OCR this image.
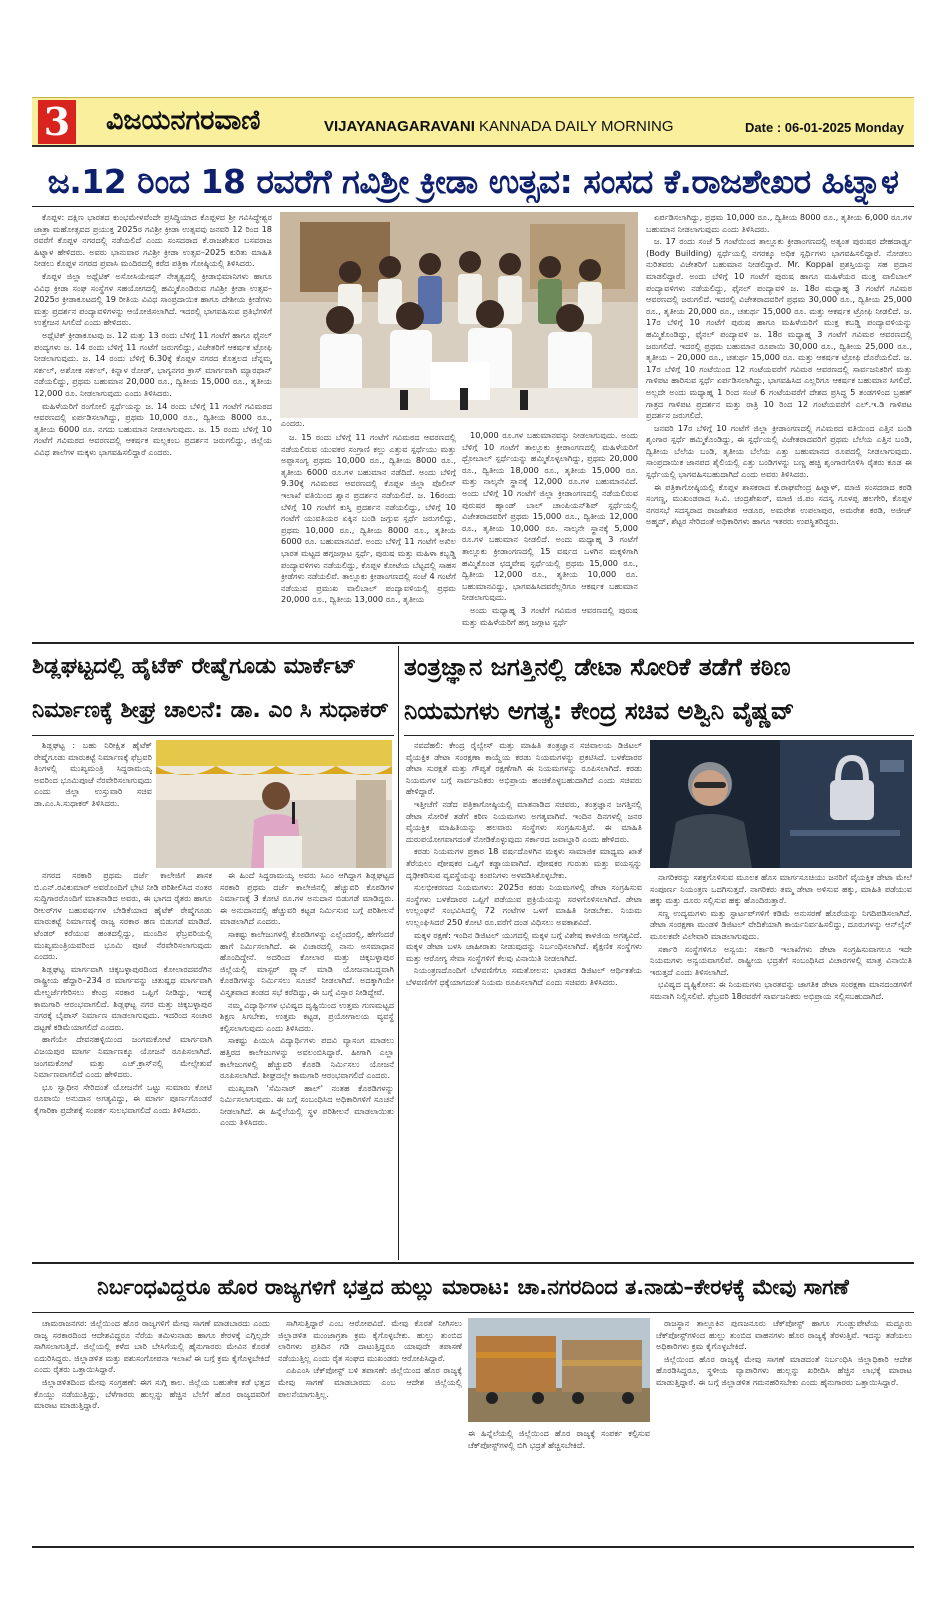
3 ವಿಜಯನಗರವಾಣಿ	VIJAYANAGARAVANI KANNADA DAILY MORNING	Date : 06-01-2025 Monday
ಜ.12 ರಿಂದ 18 ರವರೆಗೆ ಗವಿಶ್ರೀ ಕ್ರೀಡಾ ಉತ್ಸವ: ಸಂಸದ ಕೆ.ರಾಜಶೇಖರ ಹಿಟ್ನಾಳ

ಕೊಪ್ಪಳ: ದಕ್ಷಿಣ ಭಾರತದ ಕುಂಭಮೇಳವೆಂದೇ ಪ್ರಸಿದ್ಧಿಯಾದ ಕೊಪ್ಪಳದ ಶ್ರೀ ಗವಿಸಿದ್ಧೇಶ್ವರ ಜಾತ್ರಾ ಮಹೋತ್ಸವದ ಪ್ರಯುಕ್ತ 2025ರ ಗವಿಶ್ರೀ ಕ್ರೀಡಾ ಉತ್ಸವವು ಜನವರಿ 12 ರಿಂದ 18 ರವರೆಗೆ ಕೊಪ್ಪಳ ನಗರದಲ್ಲಿ ನಡೆಯಲಿದೆ ಎಂದು ಸಂಸದರಾದ ಕೆ.ರಾಜಶೇಖರ ಬಸವರಾಜ ಹಿಟ್ನಾಳ ಹೇಳಿದರು. ಅವರು ಭಾನುವಾರ ಗವಿಶ್ರೀ ಕ್ರೀಡಾ ಉತ್ಸವ–2025 ಕುರಿತು ಮಾಹಿತಿ ನೀಡಲು ಕೊಪ್ಪಳ ನಗರದ ಪ್ರವಾಸಿ ಮಂದಿರದಲ್ಲಿ ಕರೆದ ಪತ್ರಿಕಾ ಗೋಷ್ಠಿಯಲ್ಲಿ ತಿಳಿಸಿದರು.

ಕೊಪ್ಪಳ ಜಿಲ್ಲಾ ಅಥ್ಲೆಟಿಕ್ ಅಸೋಸಿಯೇಷನ್ ನೇತೃತ್ವದಲ್ಲಿ ಕ್ರೀಡಾಭಿಮಾನಿಗಳು ಹಾಗೂ ವಿವಿಧ ಕ್ರೀಡಾ ಸಂಘ ಸಂಸ್ಥೆಗಳ ಸಹಯೋಗದಲ್ಲಿ ಹಮ್ಮಿಕೊಂಡಿರುವ ಗವಿಶ್ರೀ ಕ್ರೀಡಾ ಉತ್ಸವ–2025ರ ಕ್ರೀಡಾಕೂಟದಲ್ಲಿ 19 ರೀತಿಯ ವಿವಿಧ ಸಾಂಪ್ರದಾಯಿಕ ಹಾಗೂ ದೇಶೀಯ ಕ್ರೀಡೆಗಳು ಮತ್ತು ಪ್ರದರ್ಶನ ಪಂದ್ಯಾವಳಿಗಳನ್ನು ಆಯೋಜಿಸಲಾಗಿದೆ. ಇದರಲ್ಲಿ ಭಾಗವಹಿಸುವ ಪ್ರತಿಭೆಗಳಿಗೆ ಉತ್ತೇಜನ ಸಿಗಲಿದೆ ಎಂದು ಹೇಳಿದರು.

ಅಥ್ಲೆಟಿಕ್ ಕ್ರೀಡಾಕೂಟವು ಜ. 12 ಮತ್ತು 13 ರಂದು ಬೆಳಿಗ್ಗೆ 11 ಗಂಟೆಗೆ ಹಾಗೂ ಫೈನಲ್ ಪಂದ್ಯಗಳು ಜ. 14 ರಂದು ಬೆಳಿಗ್ಗೆ 11 ಗಂಟೆಗೆ ಜರುಗಲಿದ್ದು, ವಿಜೇತರಿಗೆ ಆಕರ್ಷಕ ಟ್ರೋಫಿ ನೀಡಲಾಗುವುದು. ಜ. 14 ರಂದು ಬೆಳಿಗ್ಗೆ 6.30ಕ್ಕೆ ಕೊಪ್ಪಳ ನಗರದ ಕೊತ್ತಲದ ಚೆನ್ನಮ್ಮ ಸರ್ಕಲ್, ಅಶೋಕ ಸರ್ಕಲ್, ಕಿನ್ನಾಳ ರೋಡ್, ಭಾಗ್ಯನಗರ ಕ್ರಾಸ್ ಮಾರ್ಗವಾಗಿ ಮ್ಯಾರಥಾನ್ ನಡೆಯಲಿದ್ದು, ಪ್ರಥಮ ಬಹುಮಾನ 20,000 ರೂ., ದ್ವಿತೀಯ 15,000 ರೂ., ತೃತೀಯ 12,000 ರೂ. ನೀಡಲಾಗುವುದು ಎಂದು ತಿಳಿಸಿದರು.

ಮಹಿಳೆಯರಿಗೆ ರಂಗೋಲಿ ಸ್ಪರ್ಧೆಯನ್ನು ಜ. 14 ರಂದು ಬೆಳಿಗ್ಗೆ 11 ಗಂಟೆಗೆ ಗವಿಮಠದ ಆವರಣದಲ್ಲಿ ಏರ್ಪಡಿಸಲಾಗಿದ್ದು, ಪ್ರಥಮ 10,000 ರೂ., ದ್ವಿತೀಯ 8000 ರೂ., ತೃತೀಯ 6000 ರೂ. ನಗದು ಬಹುಮಾನ ನೀಡಲಾಗುವುದು. ಜ. 15 ರಂದು ಬೆಳಿಗ್ಗೆ 10 ಗಂಟೆಗೆ ಗವಿಮಠದ ಆವರಣದಲ್ಲಿ ಆಕರ್ಷಕ ಮಲ್ಲಕಂಬ ಪ್ರದರ್ಶನ ಜರುಗಲಿದ್ದು, ಜಿಲ್ಲೆಯ ವಿವಿಧ ಶಾಲೆಗಳ ಮಕ್ಕಳು ಭಾಗವಹಿಸಲಿದ್ದಾರೆ ಎಂದರು.

ಎಂದರು.

ಜ. 15 ರಂದು ಬೆಳಿಗ್ಗೆ 11 ಗಂಟೆಗೆ ಗವಿಮಠದ ಆವರಣದಲ್ಲಿ ನಡೆಯಲಿರುವ ಯುವಕರ ಸಂಗ್ರಾಣಿ ಕಲ್ಲು ಎತ್ತುವ ಸ್ಪರ್ಧೆಯು ಮತ್ತು ಅಪ್ಪಾಸಂಗ್ಯ ಪ್ರಥಮ 10,000 ರೂ., ದ್ವಿತೀಯ 8000 ರೂ., ತೃತೀಯ 6000 ರೂ.ಗಳ ಬಹುಮಾನ ನಡೆದಿದೆ. ಅಂದು ಬೆಳಿಗ್ಗೆ 9.30ಕ್ಕೆ ಗವಿಮಠದ ಆವರಣದಲ್ಲಿ ಕೊಪ್ಪಳ ಜಿಲ್ಲಾ ಪೊಲೀಸ್ ಇಲಾಖೆ ವತಿಯಿಂದ ಶ್ವಾನ ಪ್ರದರ್ಶನ ನಡೆಯಲಿದೆ. ಜ. 16ರಂದು ಬೆಳಿಗ್ಗೆ 10 ಗಂಟೆಗೆ ಕುಸ್ತಿ ಪ್ರದರ್ಶನ ನಡೆಯಲಿದ್ದು, ಬೆಳಿಗ್ಗೆ 10 ಗಂಟೆಗೆ ಯುವತಿಯರ ಏಕ್ಕಿನ ಬಂಡಿ ಜಗ್ಗುವ ಸ್ಪರ್ಧೆ ಜರುಗಲಿದ್ದು, ಪ್ರಥಮ 10,000 ರೂ., ದ್ವಿತೀಯ 8000 ರೂ., ತೃತೀಯ 6000 ರೂ. ಬಹುಮಾನವಿದೆ. ಅಂದು ಬೆಳಿಗ್ಗೆ 11 ಗಂಟೆಗೆ ಅಖಿಲ ಭಾರತ ಮಟ್ಟದ ಹಗ್ಗಜಗ್ಗಾಟ ಸ್ಪರ್ಧೆ, ಪುರುಷ ಮತ್ತು ಮಹಿಳಾ ಕಬ್ಬಡ್ಡಿ ಪಂದ್ಯಾವಳಿಗಳು ನಡೆಯಲಿದ್ದು, ಕೊಪ್ಪಳ ಕೋಟೆಯ ಬೆಟ್ಟದಲ್ಲಿ ಸಾಹಸ ಕ್ರೀಡೆಗಳು ನಡೆಯಲಿವೆ. ತಾಲ್ಲೂಕು ಕ್ರೀಡಾಂಗಣದಲ್ಲಿ ಸಂಜೆ 4 ಗಂಟೆಗೆ ನಡೆಯುವ ಪ್ರಮುಖ ವಾಲಿಬಾಲ್ ಪಂದ್ಯಾವಳಿಯಲ್ಲಿ ಪ್ರಥಮ 20,000 ರೂ., ದ್ವಿತೀಯ 13,000 ರೂ., ತೃತೀಯ

10,000 ರೂ.ಗಳ ಬಹುಮಾನವನ್ನು ನೀಡಲಾಗುವುದು. ಅಂದು ಬೆಳಿಗ್ಗೆ 10 ಗಂಟೆಗೆ ತಾಲ್ಲೂಕು ಕ್ರೀಡಾಂಗಣದಲ್ಲಿ ಮಹಿಳೆಯರಿಗೆ ಥ್ರೋಬಾಲ್ ಸ್ಪರ್ಧೆಯನ್ನು ಹಮ್ಮಿಕೊಳ್ಳಲಾಗಿದ್ದು, ಪ್ರಥಮ 20,000 ರೂ., ದ್ವಿತೀಯ 18,000 ರೂ., ತೃತೀಯ 15,000 ರೂ. ಮತ್ತು ನಾಲ್ಕನೇ ಸ್ಥಾನಕ್ಕೆ 12,000 ರೂ.ಗಳ ಬಹುಮಾನವಿದೆ. ಅಂದು ಬೆಳಿಗ್ಗೆ 10 ಗಂಟೆಗೆ ಜಿಲ್ಲಾ ಕ್ರೀಡಾಂಗಣದಲ್ಲಿ ನಡೆಯಲಿರುವ ಪುರುಷರ ಹ್ಯಾಂಡ್ ಬಾಲ್ ಚಾಂಪಿಯನ್‌ಶಿಪ್ ಸ್ಪರ್ಧೆಯಲ್ಲಿ ವಿಜೇತರಾದವರಿಗೆ ಪ್ರಥಮ 15,000 ರೂ., ದ್ವಿತೀಯ 12,000 ರೂ., ತೃತೀಯ 10,000 ರೂ. ನಾಲ್ಕನೇ ಸ್ಥಾನಕ್ಕೆ 5,000 ರೂ.ಗಳ ಬಹುಮಾನ ನೀಡಲಿದೆ. ಅಂದು ಮಧ್ಯಾಹ್ನ 3 ಗಂಟೆಗೆ ತಾಲ್ಲೂಕು ಕ್ರೀಡಾಂಗಣದಲ್ಲಿ 15 ವರ್ಷದ ಒಳಗಿನ ಮಕ್ಕಳಿಗಾಗಿ ಹಮ್ಮಿಕೊಂಡ ಛದ್ಮವೇಷ ಸ್ಪರ್ಧೆಯಲ್ಲಿ ಪ್ರಥಮ 15,000 ರೂ., ದ್ವಿತೀಯ 12,000 ರೂ., ತೃತೀಯ 10,000 ರೂ. ಬಹುಮಾನವಿದ್ದು, ಭಾಗವಹಿಸಿದವರೆಲ್ಲರಿಗೂ ಆಕರ್ಷಕ ಬಹುಮಾನ ನೀಡಲಾಗುವುದು.

ಅಂದು ಮಧ್ಯಾಹ್ನ 3 ಗಂಟೆಗೆ ಗವಿಮಠ ಆವರಣದಲ್ಲಿ ಪುರುಷ ಮತ್ತು ಮಹಿಳೆಯರಿಗೆ ಹಗ್ಗ ಜಗ್ಗಾಟ ಸ್ಪರ್ಧೆ

ಏರ್ಪಡಿಸಲಾಗಿದ್ದು, ಪ್ರಥಮ 10,000 ರೂ., ದ್ವಿತೀಯ 8000 ರೂ., ತೃತೀಯ 6,000 ರೂ.ಗಳ ಬಹುಮಾನ ನೀಡಲಾಗುವುದು ಎಂದು ತಿಳಿಸಿದರು.

ಜ. 17 ರಂದು ಸಂಜೆ 5 ಗಂಟೆಯಿಂದ ತಾಲ್ಲೂಕು ಕ್ರೀಡಾಂಗಣದಲ್ಲಿ ಅತ್ಯಂತ ಪುರುಷರ ದೇಹದಾರ್ಢ್ಯ (Body Building) ಸ್ಪರ್ಧೆಯಲ್ಲಿ ನಗರಕ್ಕೂ ಅಧಿಕ ಸ್ಪರ್ಧಿಗಳು ಭಾಗವಹಿಸಲಿದ್ದಾರೆ. ನೋಡಲು ನುರಿತವರು ವಿಜೇತರಿಗೆ ಬಹುಮಾನ ನೀಡಲಿದ್ದಾರೆ. Mr. Koppal ಪ್ರಶಸ್ತಿಯನ್ನು ಸಹ ಪ್ರದಾನ ಮಾಡಲಿದ್ದಾರೆ. ಅಂದು ಬೆಳಿಗ್ಗೆ 10 ಗಂಟೆಗೆ ಪುರುಷ ಹಾಗೂ ಮಹಿಳೆಯರ ಮುಕ್ತ ವಾಲಿಬಾಲ್ ಪಂದ್ಯಾವಳಿಗಳು ನಡೆಯಲಿದ್ದು, ಫೈನಲ್ ಪಂದ್ಯಾವಳಿ ಜ. 18ರ ಮಧ್ಯಾಹ್ನ 3 ಗಂಟೆಗೆ ಗವಿಮಠ ಆವರಣದಲ್ಲಿ ಜರುಗಲಿದೆ. ಇದರಲ್ಲಿ ವಿಜೇತರಾದವರಿಗೆ ಪ್ರಥಮ 30,000 ರೂ., ದ್ವಿತೀಯ 25,000 ರೂ., ತೃತೀಯ 20,000 ರೂ., ಚತುರ್ಥ 15,000 ರೂ. ಮತ್ತು ಆಕರ್ಷಕ ಟ್ರೋಫಿ ನೀಡಲಿದೆ. ಜ. 17ರ ಬೆಳಿಗ್ಗೆ 10 ಗಂಟೆಗೆ ಪುರುಷ ಹಾಗೂ ಮಹಿಳೆಯರಿಗೆ ಮುಕ್ತ ಕಬಡ್ಡಿ ಪಂದ್ಯಾವಳಿಯನ್ನು ಹಮ್ಮಿಕೊಂಡಿದ್ದು, ಫೈನಲ್ ಪಂದ್ಯಾವಳಿ ಜ. 18ರ ಮಧ್ಯಾಹ್ನ 3 ಗಂಟೆಗೆ ಗವಿಮಠ ಆವರಣದಲ್ಲಿ ಜರುಗಲಿದೆ. ಇದರಲ್ಲಿ ಪ್ರಥಮ ಬಹುಮಾನ ರೂಪಾಯಿ 30,000 ರೂ., ದ್ವಿತೀಯ 25,000 ರೂ., ತೃತೀಯ – 20,000 ರೂ., ಚತುರ್ಥ 15,000 ರೂ. ಮತ್ತು ಆಕರ್ಷಕ ಟ್ರೋಫಿ ದೊರೆಯಲಿದೆ. ಜ. 17ರ ಬೆಳಿಗ್ಗೆ 10 ಗಂಟೆಯಿಂದ 12 ಗಂಟೆಯವರೆಗೆ ಗವಿಮಠ ಆವರಣದಲ್ಲಿ ಸಾರ್ವಜನಿಕರಿಗೆ ಮತ್ತು ಗಾಳಿಪಟ ಹಾರಿಸುವ ಸ್ಪರ್ಧೆ ಏರ್ಪಡಿಸಲಾಗಿದ್ದು, ಭಾಗವಹಿಸಿದ ಎಲ್ಲರಿಗೂ ಆಕರ್ಷಕ ಬಹುಮಾನ ಸಿಗಲಿದೆ. ಅಲ್ಲದೇ ಅಂದು ಮಧ್ಯಾಹ್ನ 1 ರಿಂದ ಸಂಜೆ 6 ಗಂಟೆಯವರೆಗೆ ದೇಶದ ಪ್ರಸಿದ್ಧ 5 ತಂಡಗಳಿಂದ ಬ್ರಹತ್ ಗಾತ್ರದ ಗಾಳಿಪಟ ಪ್ರದರ್ಶನ ಮತ್ತು ರಾತ್ರಿ 10 ರಿಂದ 12 ಗಂಟೆಯವರೆಗೆ ಎಲ್.ಇ.ಡಿ ಗಾಳಿಪಟ ಪ್ರದರ್ಶನ ಜರುಗಲಿದೆ.

ಜನವರಿ 17ರ ಬೆಳಿಗ್ಗೆ 10 ಗಂಟೆಗೆ ಜಿಲ್ಲಾ ಕ್ರೀಡಾಂಗಣದಲ್ಲಿ ಗವಿಮಠದ ವತಿಯಿಂದ ಎತ್ತಿನ ಬಂಡಿ ಶೃಂಗಾರ ಸ್ಪರ್ಧೆ ಹಮ್ಮಿಕೊಂಡಿದ್ದು, ಈ ಸ್ಪರ್ಧೆಯಲ್ಲಿ ವಿಜೇತರಾದವರಿಗೆ ಪ್ರಥಮ ಬೆಲೆಯ ಎತ್ತಿನ ಬಂಡಿ, ದ್ವಿತೀಯ ಬೆಲೆಯ ಬಂಡಿ, ತೃತೀಯ ಬೆಲೆಯ ಎತ್ತು ಬಹುಮಾನದ ರೂಪದಲ್ಲಿ ನೀಡಲಾಗುವುದು. ಸಾಂಪ್ರದಾಯಿಕ ಜಾನಪದ ಶೈಲಿಯಲ್ಲಿ ಎತ್ತು ಬಂಡಿಗಳನ್ನು ಬಣ್ಣ ಹಚ್ಚಿ ಶೃಂಗಾರಗೊಳಿಸಿ ರೈತರು ಕೂಡ ಈ ಸ್ಪರ್ಧೆಯಲ್ಲಿ ಭಾಗವಹಿಸಬಹುದಾಗಿದೆ ಎಂದು ಅವರು ತಿಳಿಸಿದರು.

ಈ ಪತ್ರಿಕಾಗೋಷ್ಠಿಯಲ್ಲಿ ಕೊಪ್ಪಳ ಶಾಸಕರಾದ ಕೆ.ರಾಘವೇಂದ್ರ ಹಿಟ್ನಾಳ್, ಮಾಜಿ ಸಂಸದರಾದ ಕರಡಿ ಸಂಗಣ್ಣ, ಮುಖಂಡರಾದ ಸಿ.ವಿ. ಚಂದ್ರಶೇಖರ್, ಮಾಜಿ ಜಿ.ಪಂ ಸದಸ್ಯ ಗೂಳಪ್ಪ ಹಲಗೇರಿ, ಕೊಪ್ಪಳ ನಗರಸಭೆ ಸದಸ್ಯರಾದ ರಾಜಶೇಖರ ಆಡೂರ, ಅಮರೇಶ ಉಪಲಾಪುರ, ಅಮರೇಶ ಕರಡಿ, ಅಜೀಜ್ ಅಹ್ಮದ್, ಶೆಟ್ಟರ ಸೇರಿದಂತೆ ಅಧಿಕಾರಿಗಳು ಹಾಗೂ ಇತರರು ಉಪಸ್ಥಿತರಿದ್ದರು.

ಶಿಡ್ಲಘಟ್ಟದಲ್ಲಿ ಹೈಟೆಕ್ ರೇಷ್ಮೆಗೂಡು ಮಾರ್ಕೆಟ್
ನಿರ್ಮಾಣಕ್ಕೆ ಶೀಘ್ರ ಚಾಲನೆ: ಡಾ. ಎಂ ಸಿ ಸುಧಾಕರ್

ಶಿಡ್ಲಘಟ್ಟ : ಬಹು ನಿರೀಕ್ಷಿತ ಹೈಟೆಕ್ ರೇಷ್ಮೆಗೂಡು ಮಾರುಕಟ್ಟೆ ನಿರ್ಮಾಣಕ್ಕೆ ಫೆಬ್ರವರಿ ತಿಂಗಳಲ್ಲಿ ಮುಖ್ಯಮಂತ್ರಿ ಸಿದ್ದರಾಮಯ್ಯ ಅವರಿಂದ ಭೂಮಿಪೂಜೆ ನೆರವೇರಿಸಲಾಗುವುದು ಎಂದು ಜಿಲ್ಲಾ ಉಸ್ತುವಾರಿ ಸಚಿವ ಡಾ.ಎಂ.ಸಿ.ಸುಧಾಕರ್ ತಿಳಿಸಿದರು.

ನಗರದ ಸರಕಾರಿ ಪ್ರಥಮ ದರ್ಜೆ ಕಾಲೇಜಿಗೆ ಶಾಸಕ ಬಿ.ಎನ್.ರವಿಕುಮಾರ್ ಅವರೊಂದಿಗೆ ಭೇಟಿ ನೀಡಿ ಪರಿಶೀಲಿಸಿದ ನಂತರ ಸುದ್ದಿಗಾರರೊಂದಿಗೆ ಮಾತನಾಡಿದ ಅವರು, ಈ ಭಾಗದ ರೈತರು ಹಾಗೂ ರೀಲರ್‌ಗಳ ಬಹುವರ್ಷಗಳ ಬೇಡಿಕೆಯಾದ ಹೈಟೆಕ್ ರೇಷ್ಮೆಗೂಡು ಮಾರುಕಟ್ಟೆ ನಿರ್ಮಾಣಕ್ಕೆ ರಾಜ್ಯ ಸರಕಾರ ಹಣ ಬಿಡುಗಡೆ ಮಾಡಿದೆ. ಟೆಂಡರ್ ಕರೆಯುವ ಹಂತದಲ್ಲಿದ್ದು, ಮುಂದಿನ ಫೆಬ್ರವರಿಯಲ್ಲಿ ಮುಖ್ಯಮಂತ್ರಿಯವರಿಂದ ಭೂಮಿ ಪೂಜೆ ನೆರವೇರಿಸಲಾಗುವುದು ಎಂದರು.

ಶಿಡ್ಲಘಟ್ಟ ಮಾರ್ಗವಾಗಿ ಚಿಕ್ಕಬಳ್ಳಾಪುರದಿಂದ ಕೋಲಾರದವರೆಗಿನ ರಾಷ್ಟ್ರೀಯ ಹೆದ್ದಾರಿ–234 ರ ಮಾರ್ಗವನ್ನು ಚತುಷ್ಪಥ ಮಾರ್ಗವಾಗಿ ಮೇಲ್ದರ್ಜೆಗೇರಿಸಲು ಕೇಂದ್ರ ಸರಕಾರ ಒಪ್ಪಿಗೆ ನೀಡಿದ್ದು, ಇದಕ್ಕೆ ಕಾಮಗಾರಿ ಆರಂಭವಾಗಲಿದೆ. ಶಿಡ್ಲಘಟ್ಟ ನಗರ ಮತ್ತು ಚಿಕ್ಕಬಳ್ಳಾಪುರ ನಗರಕ್ಕೆ ಬೈಪಾಸ್ ನಿರ್ಮಾಣ ಮಾಡಲಾಗುವುದು. ಇದರಿಂದ ಸಂಚಾರ ದಟ್ಟಣೆ ಕಡಿಮೆಯಾಗಲಿದೆ ಎಂದರು.

ಹಾಗೆಯೇ ದೇವನಹಳ್ಳಿಯಿಂದ ಜಂಗಮಕೋಟೆ ಮಾರ್ಗವಾಗಿ ವಿಜಯಪುರ ಮಾರ್ಗ ನಿರ್ಮಾಣಕ್ಕೂ ಯೋಜನೆ ರೂಪಿಸಲಾಗಿದೆ. ಜಂಗಮಕೋಟೆ ಮತ್ತು ಎಚ್.ಕ್ರಾಸ್‌ನಲ್ಲಿ ಮೇಲ್ಸೇತುವೆ ನಿರ್ಮಾಣವಾಗಲಿದೆ ಎಂದು ಹೇಳಿದರು.

ಭೂ ಸ್ವಾಧೀನ ಸೇರಿದಂತೆ ಯೋಜನೆಗೆ ಒಟ್ಟು ಸುಮಾರು ಕೋಟಿ ರೂಪಾಯಿ ಅನುದಾನ ಅಗತ್ಯವಿದ್ದು, ಈ ಮಾರ್ಗ ಪೂರ್ಣಗೊಂಡರೆ ಕೈಗಾರಿಕಾ ಪ್ರದೇಶಕ್ಕೆ ಸಂಪರ್ಕ ಸುಲಭವಾಗಲಿದೆ ಎಂದು ತಿಳಿಸಿದರು.

ಈ ಹಿಂದೆ ಸಿದ್ದರಾಮಯ್ಯ ಅವರು ಸಿಎಂ ಆಗಿದ್ದಾಗ ಶಿಡ್ಲಘಟ್ಟದ ಸರಕಾರಿ ಪ್ರಥಮ ದರ್ಜೆ ಕಾಲೇಜಿನಲ್ಲಿ ಹೆಚ್ಚುವರಿ ಕೊಠಡಿಗಳ ನಿರ್ಮಾಣಕ್ಕೆ 3 ಕೋಟಿ ರೂ.ಗಳ ಅನುದಾನ ಬಿಡುಗಡೆ ಮಾಡಿದ್ದರು. ಈ ಅನುದಾನದಲ್ಲಿ ಹೆಚ್ಚುವರಿ ಕಟ್ಟಡ ನಿರ್ಮಿಸುವ ಬಗ್ಗೆ ಪರಿಶೀಲನೆ ಮಾಡಲಾಗಿದೆ ಎಂದರು.

ಸಾಕಷ್ಟು ಕಾಲೇಜುಗಳಲ್ಲಿ ಕೊಠಡಿಗಳನ್ನು ಎಲ್ಲೆಂದರಲ್ಲಿ, ಹೇಗೆಂದರೆ ಹಾಗೆ ನಿರ್ಮಿಸಲಾಗಿದೆ. ಈ ವಿಚಾರದಲ್ಲಿ ನಾನು ಅಸಮಾಧಾನ ಹೊಂದಿದ್ದೇನೆ. ಅದರಿಂದ ಕೋಲಾರ ಮತ್ತು ಚಿಕ್ಕಬಳ್ಳಾಪುರ ಜಿಲ್ಲೆಯಲ್ಲಿ ಮಾಸ್ಟರ್ ಪ್ಲ್ಯಾನ್ ಮಾಡಿ ಯೋಜನಾಬದ್ಧವಾಗಿ ಕೊಠಡಿಗಳನ್ನು ನಿರ್ಮಿಸಲು ಸೂಚನೆ ನೀಡಲಾಗಿದೆ. ಅದಕ್ಕಾಗಿಯೇ ವಿಸ್ತೃತವಾದ ತಂಡದ ಸಭೆ ಕರೆದಿದ್ದು, ಈ ಬಗ್ಗೆ ವಿಸ್ತಾರ ನೀಡಿದ್ದೇವೆ.

ನಮ್ಮ ವಿದ್ಯಾರ್ಥಿಗಳ ಭವಿಷ್ಯದ ದೃಷ್ಟಿಯಿಂದ ಉತ್ತಮ ಗುಣಮಟ್ಟದ ಶಿಕ್ಷಣ ಸಿಗಬೇಕು, ಉತ್ತಮ ಕಟ್ಟಡ, ಪ್ರಯೋಗಾಲಯ ವ್ಯವಸ್ಥೆ ಕಲ್ಪಿಸಲಾಗುವುದು ಎಂದು ತಿಳಿಸಿದರು.

ಸಾಕಷ್ಟು ಪಿಯುಸಿ ವಿದ್ಯಾರ್ಥಿಗಳು ಪದವಿ ವ್ಯಾಸಂಗ ಮಾಡಲು ಹತ್ತಿರದ ಕಾಲೇಜುಗಳನ್ನು ಅವಲಂಬಿಸಿದ್ದಾರೆ. ಹೀಗಾಗಿ ಎಲ್ಲಾ ಕಾಲೇಜುಗಳಲ್ಲಿ ಹೆಚ್ಚುವರಿ ಕೊಠಡಿ ನಿರ್ಮಿಸಲು ಯೋಜನೆ ರೂಪಿಸಲಾಗಿದೆ. ಶೀಘ್ರದಲ್ಲೇ ಕಾಮಗಾರಿ ಆರಂಭವಾಗಲಿದೆ ಎಂದರು.

ಮುಖ್ಯವಾಗಿ 'ಸೆಮಿನಾರ್ ಹಾಲ್' ನಂತಹ ಕೊಠಡಿಗಳನ್ನು ನಿರ್ಮಿಸಲಾಗುವುದು. ಈ ಬಗ್ಗೆ ಸಂಬಂಧಿಸಿದ ಅಧಿಕಾರಿಗಳಿಗೆ ಸೂಚನೆ ನೀಡಲಾಗಿದೆ. ಈ ಹಿನ್ನೆಲೆಯಲ್ಲಿ ಸ್ಥಳ ಪರಿಶೀಲನೆ ಮಾಡಲಾಯಿತು ಎಂದು ತಿಳಿಸಿದರು.

ತಂತ್ರಜ್ಞಾನ ಜಗತ್ತಿನಲ್ಲಿ ಡೇಟಾ ಸೋರಿಕೆ ತಡೆಗೆ ಕಠಿಣ
ನಿಯಮಗಳು ಅಗತ್ಯ: ಕೇಂದ್ರ ಸಚಿವ ಅಶ್ವಿನಿ ವೈಷ್ಣವ್

ನವದೆಹಲಿ: ಕೇಂದ್ರ ರೈಲ್ವೇಸ್ ಮತ್ತು ಮಾಹಿತಿ ತಂತ್ರಜ್ಞಾನ ಸಚಿವಾಲಯ ಡಿಜಿಟಲ್ ವೈಯಕ್ತಿಕ ಡೇಟಾ ಸಂರಕ್ಷಣಾ ಕಾಯ್ದೆಯ ಕರಡು ನಿಯಮಗಳನ್ನು ಪ್ರಕಟಿಸಿದೆ. ಬಳಕೆದಾರರ ಡೇಟಾ ಸುರಕ್ಷತೆ ಮತ್ತು ಗೌಪ್ಯತೆ ರಕ್ಷಣೆಗಾಗಿ ಈ ನಿಯಮಗಳನ್ನು ರೂಪಿಸಲಾಗಿದೆ. ಕರಡು ನಿಯಮಗಳ ಬಗ್ಗೆ ಸಾರ್ವಜನಿಕರು ಅಭಿಪ್ರಾಯ ಹಂಚಿಕೊಳ್ಳಬಹುದಾಗಿದೆ ಎಂದು ಸಚಿವರು ಹೇಳಿದ್ದಾರೆ.

ಇತ್ತೀಚೆಗೆ ನಡೆದ ಪತ್ರಿಕಾಗೋಷ್ಠಿಯಲ್ಲಿ ಮಾತನಾಡಿದ ಸಚಿವರು, ತಂತ್ರಜ್ಞಾನ ಜಗತ್ತಿನಲ್ಲಿ ಡೇಟಾ ಸೋರಿಕೆ ತಡೆಗೆ ಕಠಿಣ ನಿಯಮಗಳು ಅಗತ್ಯವಾಗಿವೆ. ಇಂದಿನ ದಿನಗಳಲ್ಲಿ ಜನರ ವೈಯಕ್ತಿಕ ಮಾಹಿತಿಯನ್ನು ಹಲವಾರು ಸಂಸ್ಥೆಗಳು ಸಂಗ್ರಹಿಸುತ್ತಿವೆ. ಈ ಮಾಹಿತಿ ದುರುಪಯೋಗವಾಗದಂತೆ ನೋಡಿಕೊಳ್ಳುವುದು ಸರ್ಕಾರದ ಜವಾಬ್ದಾರಿ ಎಂದು ಹೇಳಿದರು.

ಕರಡು ನಿಯಮಗಳ ಪ್ರಕಾರ 18 ವರ್ಷದೊಳಗಿನ ಮಕ್ಕಳು ಸಾಮಾಜಿಕ ಮಾಧ್ಯಮ ಖಾತೆ ತೆರೆಯಲು ಪೋಷಕರ ಒಪ್ಪಿಗೆ ಕಡ್ಡಾಯವಾಗಿದೆ. ಪೋಷಕರ ಗುರುತು ಮತ್ತು ವಯಸ್ಸನ್ನು ದೃಢೀಕರಿಸುವ ವ್ಯವಸ್ಥೆಯನ್ನು ಕಂಪನಿಗಳು ಅಳವಡಿಸಿಕೊಳ್ಳಬೇಕು.

ಸುಲಭೀಕರಣದ ನಿಯಮಗಳು: 2025ರ ಕರಡು ನಿಯಮಗಳಲ್ಲಿ ಡೇಟಾ ಸಂಗ್ರಹಿಸುವ ಸಂಸ್ಥೆಗಳು ಬಳಕೆದಾರರ ಒಪ್ಪಿಗೆ ಪಡೆಯುವ ಪ್ರಕ್ರಿಯೆಯನ್ನು ಸರಳಗೊಳಿಸಲಾಗಿದೆ. ಡೇಟಾ ಉಲ್ಲಂಘನೆ ಸಂಭವಿಸಿದಲ್ಲಿ 72 ಗಂಟೆಗಳ ಒಳಗೆ ಮಾಹಿತಿ ನೀಡಬೇಕು. ನಿಯಮ ಉಲ್ಲಂಘಿಸಿದರೆ 250 ಕೋಟಿ ರೂ.ವರೆಗೆ ದಂಡ ವಿಧಿಸಲು ಅವಕಾಶವಿದೆ.

ಮಕ್ಕಳ ರಕ್ಷಣೆ: ಇಂದಿನ ಡಿಜಿಟಲ್ ಯುಗದಲ್ಲಿ ಮಕ್ಕಳ ಬಗ್ಗೆ ವಿಶೇಷ ಕಾಳಜಿಯ ಅಗತ್ಯವಿದೆ. ಮಕ್ಕಳ ಡೇಟಾ ಬಳಸಿ ಜಾಹೀರಾತು ನೀಡುವುದನ್ನು ನಿರ್ಬಂಧಿಸಲಾಗಿದೆ. ಶೈಕ್ಷಣಿಕ ಸಂಸ್ಥೆಗಳು ಮತ್ತು ಆರೋಗ್ಯ ಸೇವಾ ಸಂಸ್ಥೆಗಳಿಗೆ ಕೆಲವು ವಿನಾಯಿತಿ ನೀಡಲಾಗಿದೆ.

ನಿಯಂತ್ರಣದೊಂದಿಗೆ ಬೆಳವಣಿಗೆಗೂ ಸಮತೋಲನ: ಭಾರತದ ಡಿಜಿಟಲ್ ಆರ್ಥಿಕತೆಯ ಬೆಳವಣಿಗೆಗೆ ಧಕ್ಕೆಯಾಗದಂತೆ ನಿಯಮ ರೂಪಿಸಲಾಗಿದೆ ಎಂದು ಸಚಿವರು ತಿಳಿಸಿದರು.

ನಾಗರಿಕರನ್ನು ಸಶಕ್ತಗೊಳಿಸುವ ಮೂಲಕ ಹೊಸ ಮಾರ್ಗಸೂಚಿಯು ಜನರಿಗೆ ವೈಯಕ್ತಿಕ ಡೇಟಾ ಮೇಲೆ ಸಂಪೂರ್ಣ ನಿಯಂತ್ರಣ ಒದಗಿಸುತ್ತದೆ. ನಾಗರಿಕರು ತಮ್ಮ ಡೇಟಾ ಅಳಿಸುವ ಹಕ್ಕು, ಮಾಹಿತಿ ಪಡೆಯುವ ಹಕ್ಕು ಮತ್ತು ದೂರು ಸಲ್ಲಿಸುವ ಹಕ್ಕು ಹೊಂದಿರುತ್ತಾರೆ.

ಸಣ್ಣ ಉದ್ಯಮಗಳು ಮತ್ತು ಸ್ಟಾರ್ಟಪ್‌ಗಳಿಗೆ ಕಡಿಮೆ ಅನುಸರಣೆ ಹೊರೆಯನ್ನು ನಿಗದಿಪಡಿಸಲಾಗಿದೆ. ಡೇಟಾ ಸಂರಕ್ಷಣಾ ಮಂಡಳಿ ಡಿಜಿಟಲ್ ವೇದಿಕೆಯಾಗಿ ಕಾರ್ಯನಿರ್ವಹಿಸಲಿದ್ದು, ದೂರುಗಳನ್ನು ಆನ್‌ಲೈನ್ ಮೂಲಕವೇ ವಿಲೇವಾರಿ ಮಾಡಲಾಗುವುದು.

ಸರ್ಕಾರಿ ಸಂಸ್ಥೆಗಳಿಗೂ ಅನ್ವಯ: ಸರ್ಕಾರಿ ಇಲಾಖೆಗಳು ಡೇಟಾ ಸಂಗ್ರಹಿಸುವಾಗಲೂ ಇದೇ ನಿಯಮಗಳು ಅನ್ವಯವಾಗಲಿವೆ. ರಾಷ್ಟ್ರೀಯ ಭದ್ರತೆಗೆ ಸಂಬಂಧಿಸಿದ ವಿಚಾರಗಳಲ್ಲಿ ಮಾತ್ರ ವಿನಾಯಿತಿ ಇರುತ್ತದೆ ಎಂದು ತಿಳಿಸಲಾಗಿದೆ.

ಭವಿಷ್ಯದ ದೃಷ್ಟಿಕೋನ: ಈ ನಿಯಮಗಳು ಭಾರತವನ್ನು ಜಾಗತಿಕ ಡೇಟಾ ಸಂರಕ್ಷಣಾ ಮಾನದಂಡಗಳಿಗೆ ಸಮನಾಗಿ ನಿಲ್ಲಿಸಲಿವೆ. ಫೆಬ್ರವರಿ 18ರವರೆಗೆ ಸಾರ್ವಜನಿಕರು ಅಭಿಪ್ರಾಯ ಸಲ್ಲಿಸಬಹುದಾಗಿದೆ.

ನಿರ್ಬಂಧವಿದ್ದರೂ ಹೊರ ರಾಜ್ಯಗಳಿಗೆ ಭತ್ತದ ಹುಲ್ಲು ಮಾರಾಟ: ಚಾ.ನಗರದಿಂದ ತ.ನಾಡು–ಕೇರಳಕ್ಕೆ ಮೇವು ಸಾಗಣೆ

ಚಾಮರಾಜನಗರ: ಜಿಲ್ಲೆಯಿಂದ ಹೊರ ರಾಜ್ಯಗಳಿಗೆ ಮೇವು ಸಾಗಣೆ ಮಾಡಬಾರದು ಎಂದು ರಾಜ್ಯ ಸರಕಾರದಿಂದ ಆದೇಶವಿದ್ದರೂ ನೆರೆಯ ತಮಿಳುನಾಡು ಹಾಗೂ ಕೇರಳಕ್ಕೆ ಎಗ್ಗಿಲ್ಲದೇ ಸಾಗಿಸಲಾಗುತ್ತಿದೆ. ಜಿಲ್ಲೆಯಲ್ಲಿ ಕಳೆದ ಬಾರಿ ಬೇಸಿಗೆಯಲ್ಲಿ ಹೈನುಗಾರರು ಮೇವಿನ ಕೊರತೆ ಎದುರಿಸಿದ್ದರು. ಜಿಲ್ಲಾಡಳಿತ ಮತ್ತು ಪಶುಸಂಗೋಪನಾ ಇಲಾಖೆ ಈ ಬಗ್ಗೆ ಕ್ರಮ ಕೈಗೊಳ್ಳಬೇಕಿದೆ ಎಂದು ರೈತರು ಒತ್ತಾಯಿಸಿದ್ದಾರೆ.

ಜಿಲ್ಲಾಡಳಿತದಿಂದ ಮೇವು ಸಂಗ್ರಹಣೆ: ಈಗ ಸುಗ್ಗಿ ಕಾಲ. ಜಿಲ್ಲೆಯ ಬಹುತೇಕ ಕಡೆ ಭತ್ತದ ಕೊಯ್ಲು ನಡೆಯುತ್ತಿದ್ದು, ಬೆಳೆಗಾರರು ಹುಲ್ಲನ್ನು ಹೆಚ್ಚಿನ ಬೆಲೆಗೆ ಹೊರ ರಾಜ್ಯದವರಿಗೆ ಮಾರಾಟ ಮಾಡುತ್ತಿದ್ದಾರೆ.

ಸಾಗಿಸುತ್ತಿದ್ದಾರೆ ಎಂಬ ಆರೋಪವಿದೆ. ಮೇವು ಕೊರತೆ ನೀಗಿಸಲು ಜಿಲ್ಲಾಡಳಿತ ಮುಂಜಾಗ್ರತಾ ಕ್ರಮ ಕೈಗೊಳ್ಳಬೇಕು. ಹುಲ್ಲು ತುಂಬಿದ ಲಾರಿಗಳು ಪ್ರತಿದಿನ ಗಡಿ ದಾಟುತ್ತಿದ್ದರೂ ಯಾವುದೇ ತಪಾಸಣೆ ನಡೆಯುತ್ತಿಲ್ಲ ಎಂದು ರೈತ ಸಂಘದ ಮುಖಂಡರು ಆರೋಪಿಸಿದ್ದಾರೆ.

ಎಪಿಎಂಸಿ ಚೆಕ್‌ಪೋಸ್ಟ್ ಬಳಿ ತಪಾಸಣೆ: ಜಿಲ್ಲೆಯಿಂದ ಹೊರ ರಾಜ್ಯಕ್ಕೆ ಮೇವು ಸಾಗಣೆ ಮಾಡಬಾರದು ಎಂಬ ಆದೇಶ ಜಿಲ್ಲೆಯಲ್ಲಿ ಪಾಲನೆಯಾಗುತ್ತಿಲ್ಲ.

ಈ ಹಿನ್ನೆಲೆಯಲ್ಲಿ ಜಿಲ್ಲೆಯಿಂದ ಹೊರ ರಾಜ್ಯಕ್ಕೆ ಸಂಪರ್ಕ ಕಲ್ಪಿಸುವ ಚೆಕ್‌ಪೋಸ್ಟ್‌ಗಳಲ್ಲಿ ಬಿಗಿ ಭದ್ರತೆ ಹೆಚ್ಚಿಸಬೇಕಿದೆ.

ರಾಜಸ್ಥಾನ ತಾಲ್ಲೂಕಿನ ಪುಣಜನೂರು ಚೆಕ್‌ಪೋಸ್ಟ್ ಹಾಗೂ ಗುಂಡ್ಲುಪೇಟೆಯ ಮದ್ದೂರು ಚೆಕ್‌ಪೋಸ್ಟ್‌ಗಳಿಂದ ಹುಲ್ಲು ತುಂಬಿದ ವಾಹನಗಳು ಹೊರ ರಾಜ್ಯಕ್ಕೆ ತೆರಳುತ್ತಿವೆ. ಇದನ್ನು ತಡೆಯಲು ಅಧಿಕಾರಿಗಳು ಕ್ರಮ ಕೈಗೊಳ್ಳಬೇಕಿದೆ.

ಜಿಲ್ಲೆಯಿಂದ ಹೊರ ರಾಜ್ಯಕ್ಕೆ ಮೇವು ಸಾಗಣೆ ಮಾಡದಂತೆ ನಿರ್ಬಂಧಿಸಿ ಜಿಲ್ಲಾಧಿಕಾರಿ ಆದೇಶ ಹೊರಡಿಸಿದ್ದರೂ, ಸ್ಥಳೀಯ ವ್ಯಾಪಾರಿಗಳು ಹುಲ್ಲನ್ನು ಖರೀದಿಸಿ ಹೆಚ್ಚಿನ ಲಾಭಕ್ಕೆ ಮಾರಾಟ ಮಾಡುತ್ತಿದ್ದಾರೆ. ಈ ಬಗ್ಗೆ ಜಿಲ್ಲಾಡಳಿತ ಗಮನಹರಿಸಬೇಕು ಎಂದು ಹೈನುಗಾರರು ಒತ್ತಾಯಿಸಿದ್ದಾರೆ.
